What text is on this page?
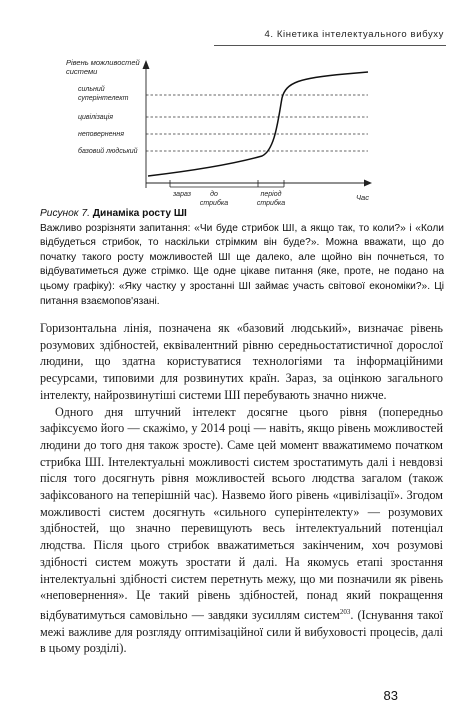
4. Кінетика інтелектуального вибуху
Рівень можливостей
системи
Час
сильний
суперінтелект
цивілізація
неповернення
базовий людський
зараз	до
стрибка
період
стрибка

Рисунок 7. Динаміка росту ШІ
Важливо розрізняти запитання: «Чи буде стрибок ШІ, а якщо так, то коли?» і «Коли відбудеться стрибок, то наскільки стрімким він буде?». Можна вважати, що до початку такого росту можливостей ШІ ще далеко, але щойно він почнеться, то відбуватиметься дуже стрімко. Ще одне цікаве питання (яке, проте, не подано на цьому графіку): «Яку частку у зростанні ШІ займає участь світової економіки?». Ці питання взаємопов'язані.

Горизонтальна лінія, позначена як «базовий людський», визначає рівень розумових здібностей, еквівалентний рівню середньостатистичної дорослої людини, що здатна користуватися технологіями та інформаційними ресурсами, типовими для розвинутих країн. Зараз, за оцінкою загального інтелекту, найрозвинутіші системи ШІ перебувають значно нижче.

Одного дня штучний інтелект досягне цього рівня (попередньо зафіксуємо його — скажімо, у 2014 році — навіть, якщо рівень можливостей людини до того дня також зросте). Саме цей момент вважатимемо початком стрибка ШІ. Інтелектуальні можливості систем зростатимуть далі і невдовзі після того досягнуть рівня можливостей всього людства загалом (також зафіксованого на теперішній час). Назвемо його рівень «цивілізації». Згодом можливості систем досягнуть «сильного суперінтелекту» — розумових здібностей, що значно перевищують весь інтелектуальний потенціал людства. Після цього стрибок вважатиметься закінченим, хоч розумові здібності систем можуть зростати й далі. На якомусь етапі зростання інтелектуальні здібності систем перетнуть межу, що ми позначили як рівень «неповернення». Це такий рівень здібностей, понад який покращення відбуватимуться самовільно — завдяки зусиллям систем$^{203}$. (Існування такої межі важливе для розгляду оптимізаційної сили й вибуховості процесів, далі в цьому розділі).

83
